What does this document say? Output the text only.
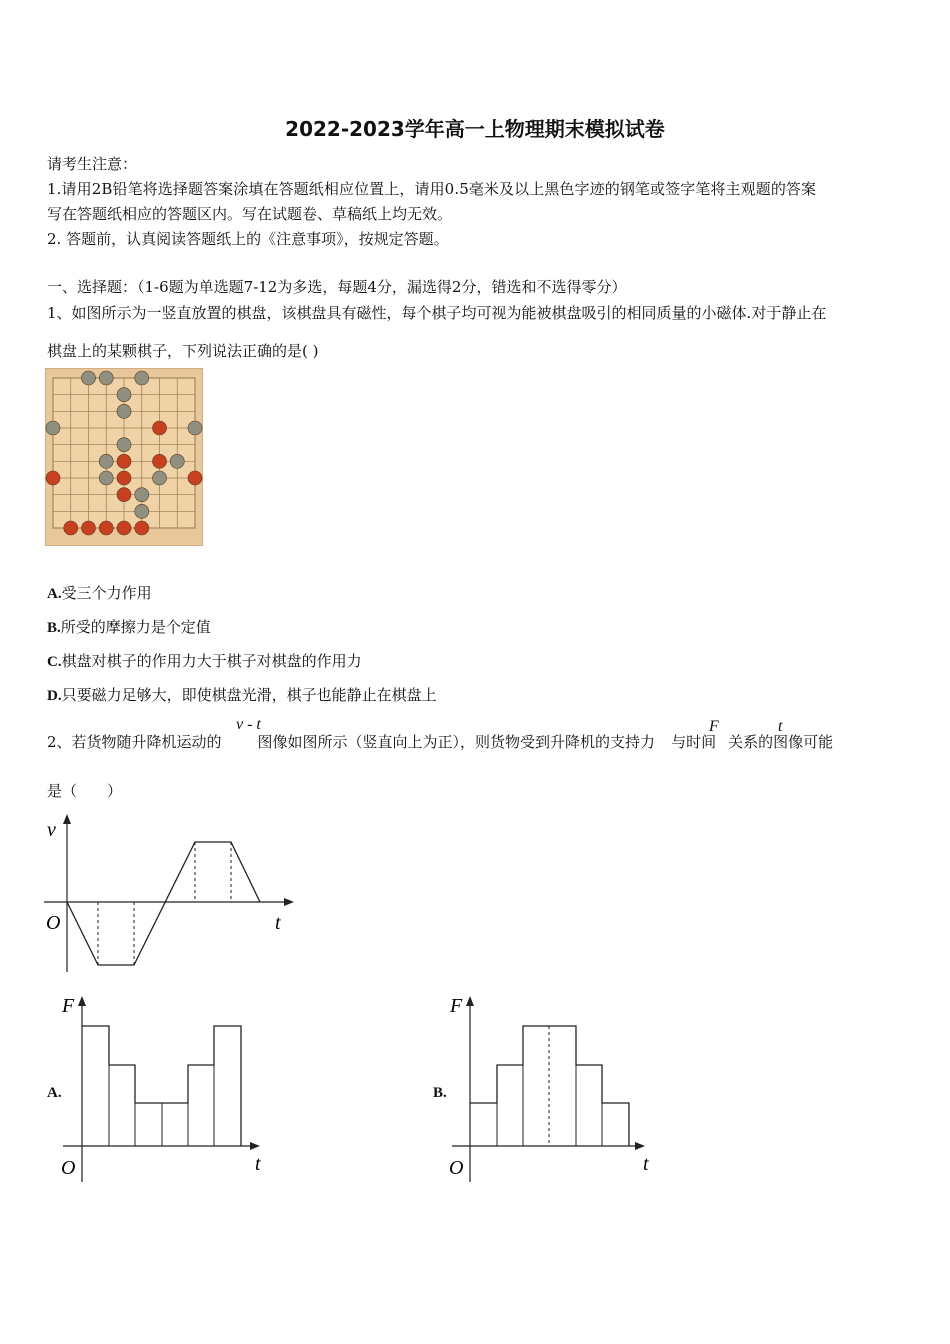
2022-2023学年高一上物理期末模拟试卷
请考生注意：
1.请用2B铅笔将选择题答案涂填在答题纸相应位置上，请用0.5毫米及以上黑色字迹的钢笔或签字笔将主观题的答案
写在答题纸相应的答题区内。写在试题卷、草稿纸上均无效。
2. 答题前，认真阅读答题纸上的《注意事项》，按规定答题。
一、选择题：（1-6题为单选题7-12为多选，每题4分，漏选得2分，错选和不选得零分）
1、如图所示为一竖直放置的棋盘，该棋盘具有磁性，每个棋子均可视为能被棋盘吸引的相同质量的小磁体.对于静止在
棋盘上的某颗棋子，下列说法正确的是( )
A.受三个力作用
B.所受的摩擦力是个定值
C.棋盘对棋子的作用力大于棋子对棋盘的作用力
D.只要磁力足够大，即使棋盘光滑，棋子也能静止在棋盘上
2、若货物随升降机运动的 图像如图所示（竖直向上为正），则货物受到升降机的支持力 与时间 关系的图像可能
v - t	F	t
是（　　）
v
t
O
A.
F
t
O
B.
F
t
O
